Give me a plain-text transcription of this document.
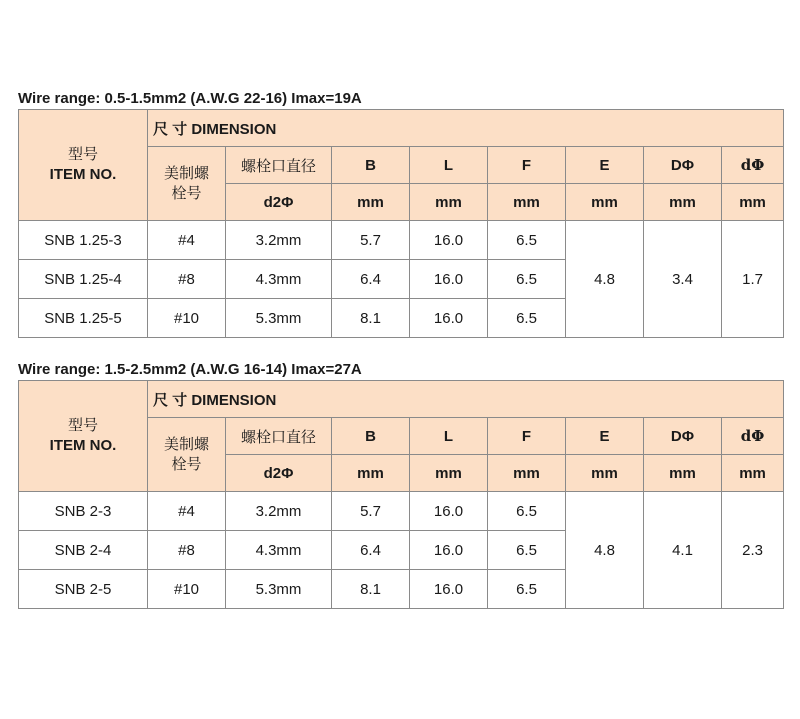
Wire range: 0.5-1.5mm2 (A.W.G 22-16) Imax=19A
型号
ITEM NO.	尺 寸 DIMENSION							

	美制螺
栓号	螺栓口直径	B	L	F	E	DΦ	dΦ
		d2Φ	mm	mm	mm	mm	mm	mm
SNB 1.25-3	#4	3.2mm	5.7	16.0	6.5	4.8	3.4	1.7
SNB 1.25-4	#8	4.3mm	6.4	16.0	6.5			
SNB 1.25-5	#10	5.3mm	8.1	16.0	6.5			
Wire range: 1.5-2.5mm2 (A.W.G 16-14) Imax=27A
型号
ITEM NO.	尺 寸 DIMENSION							

	美制螺
栓号	螺栓口直径	B	L	F	E	DΦ	dΦ
		d2Φ	mm	mm	mm	mm	mm	mm
SNB 2-3	#4	3.2mm	5.7	16.0	6.5	4.8	4.1	2.3
SNB 2-4	#8	4.3mm	6.4	16.0	6.5			
SNB 2-5	#10	5.3mm	8.1	16.0	6.5			
